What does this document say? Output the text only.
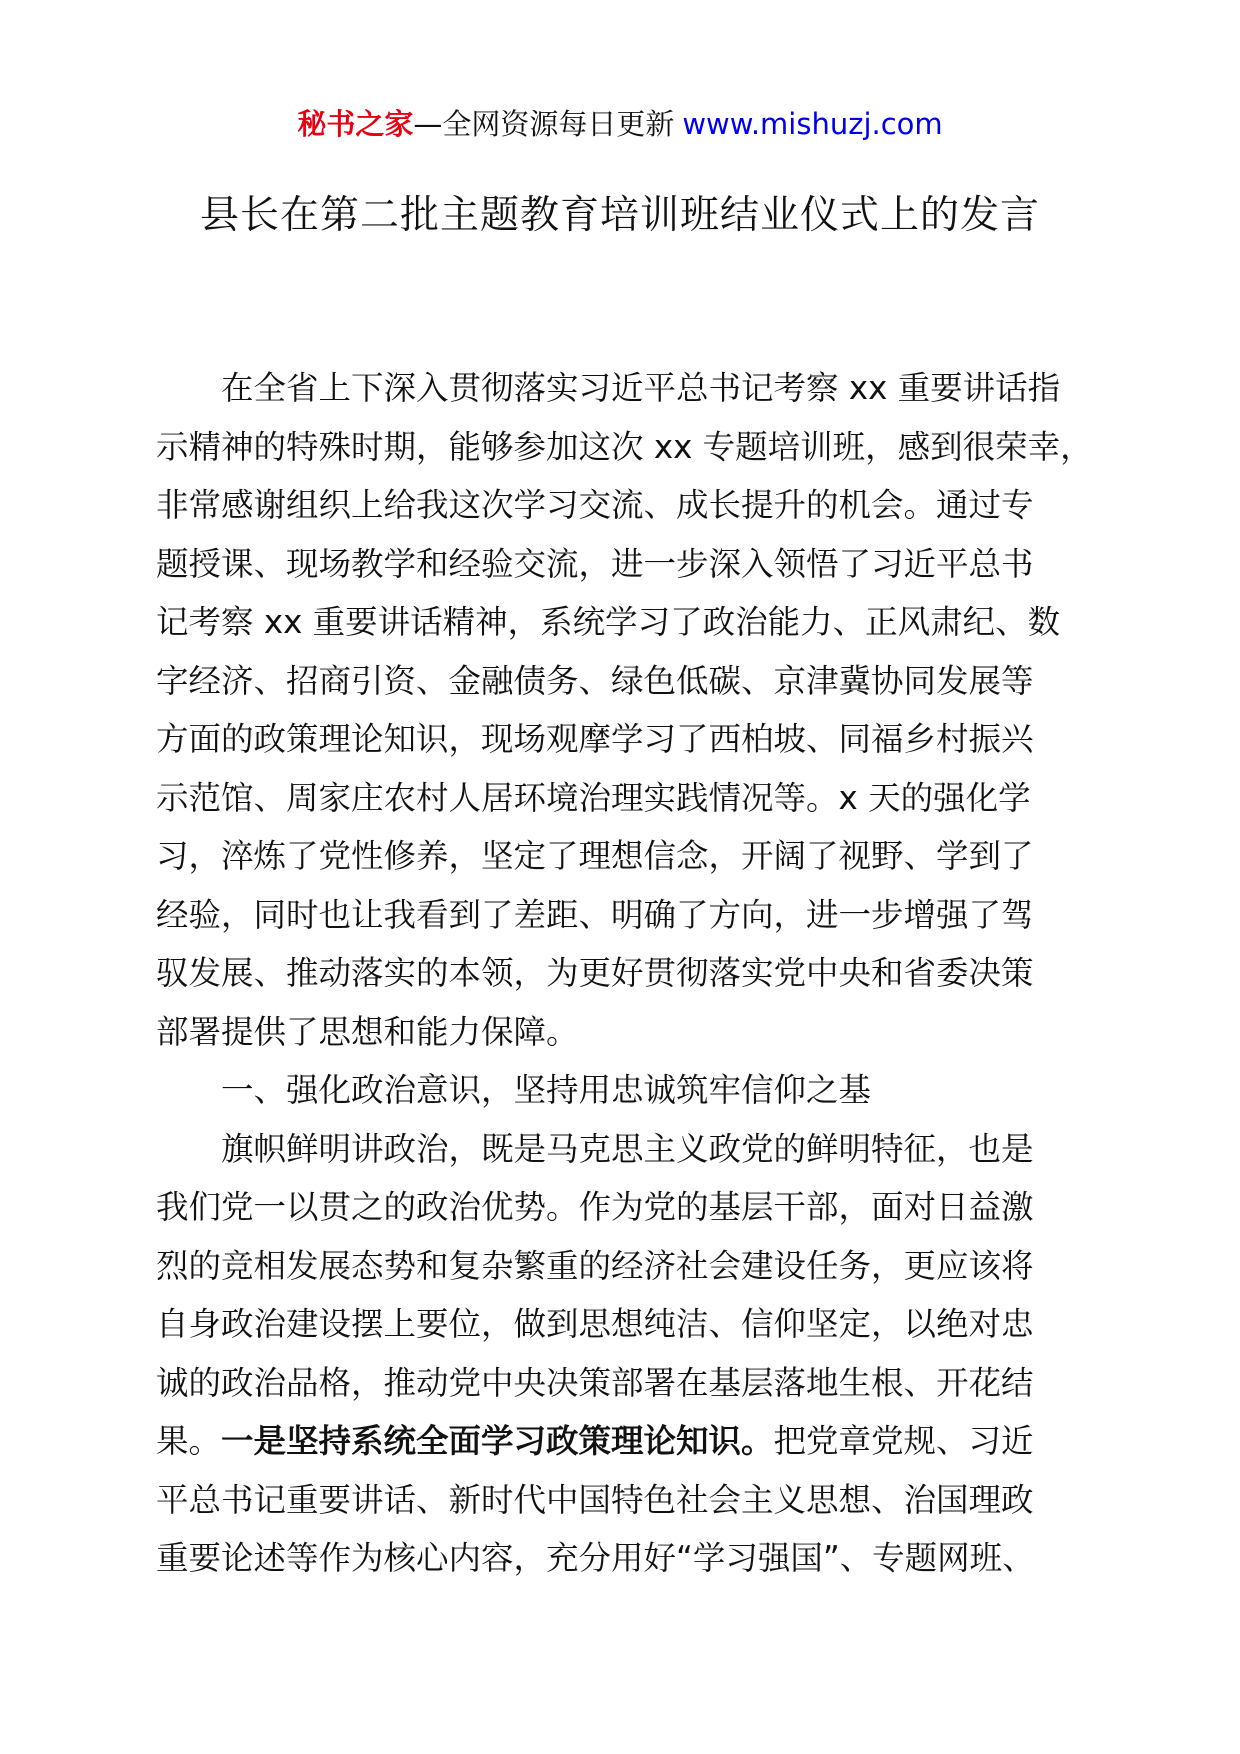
秘书之家—全网资源每日更新 www.mishuzj.com
县长在第二批主题教育培训班结业仪式上的发言

在全省上下深入贯彻落实习近平总书记考察 xx 重要讲话指

示精神的特殊时期，能够参加这次 xx 专题培训班，感到很荣幸，

非常感谢组织上给我这次学习交流、成长提升的机会。通过专

题授课、现场教学和经验交流，进一步深入领悟了习近平总书

记考察 xx 重要讲话精神，系统学习了政治能力、正风肃纪、数

字经济、招商引资、金融债务、绿色低碳、京津冀协同发展等

方面的政策理论知识，现场观摩学习了西柏坡、同福乡村振兴

示范馆、周家庄农村人居环境治理实践情况等。x 天的强化学

习，淬炼了党性修养，坚定了理想信念，开阔了视野、学到了

经验，同时也让我看到了差距、明确了方向，进一步增强了驾

驭发展、推动落实的本领，为更好贯彻落实党中央和省委决策

部署提供了思想和能力保障。

一、强化政治意识，坚持用忠诚筑牢信仰之基

旗帜鲜明讲政治，既是马克思主义政党的鲜明特征，也是

我们党一以贯之的政治优势。作为党的基层干部，面对日益激

烈的竞相发展态势和复杂繁重的经济社会建设任务，更应该将

自身政治建设摆上要位，做到思想纯洁、信仰坚定，以绝对忠

诚的政治品格，推动党中央决策部署在基层落地生根、开花结

果。一是坚持系统全面学习政策理论知识。把党章党规、习近

平总书记重要讲话、新时代中国特色社会主义思想、治国理政

重要论述等作为核心内容，充分用好“学习强国”、专题网班、
